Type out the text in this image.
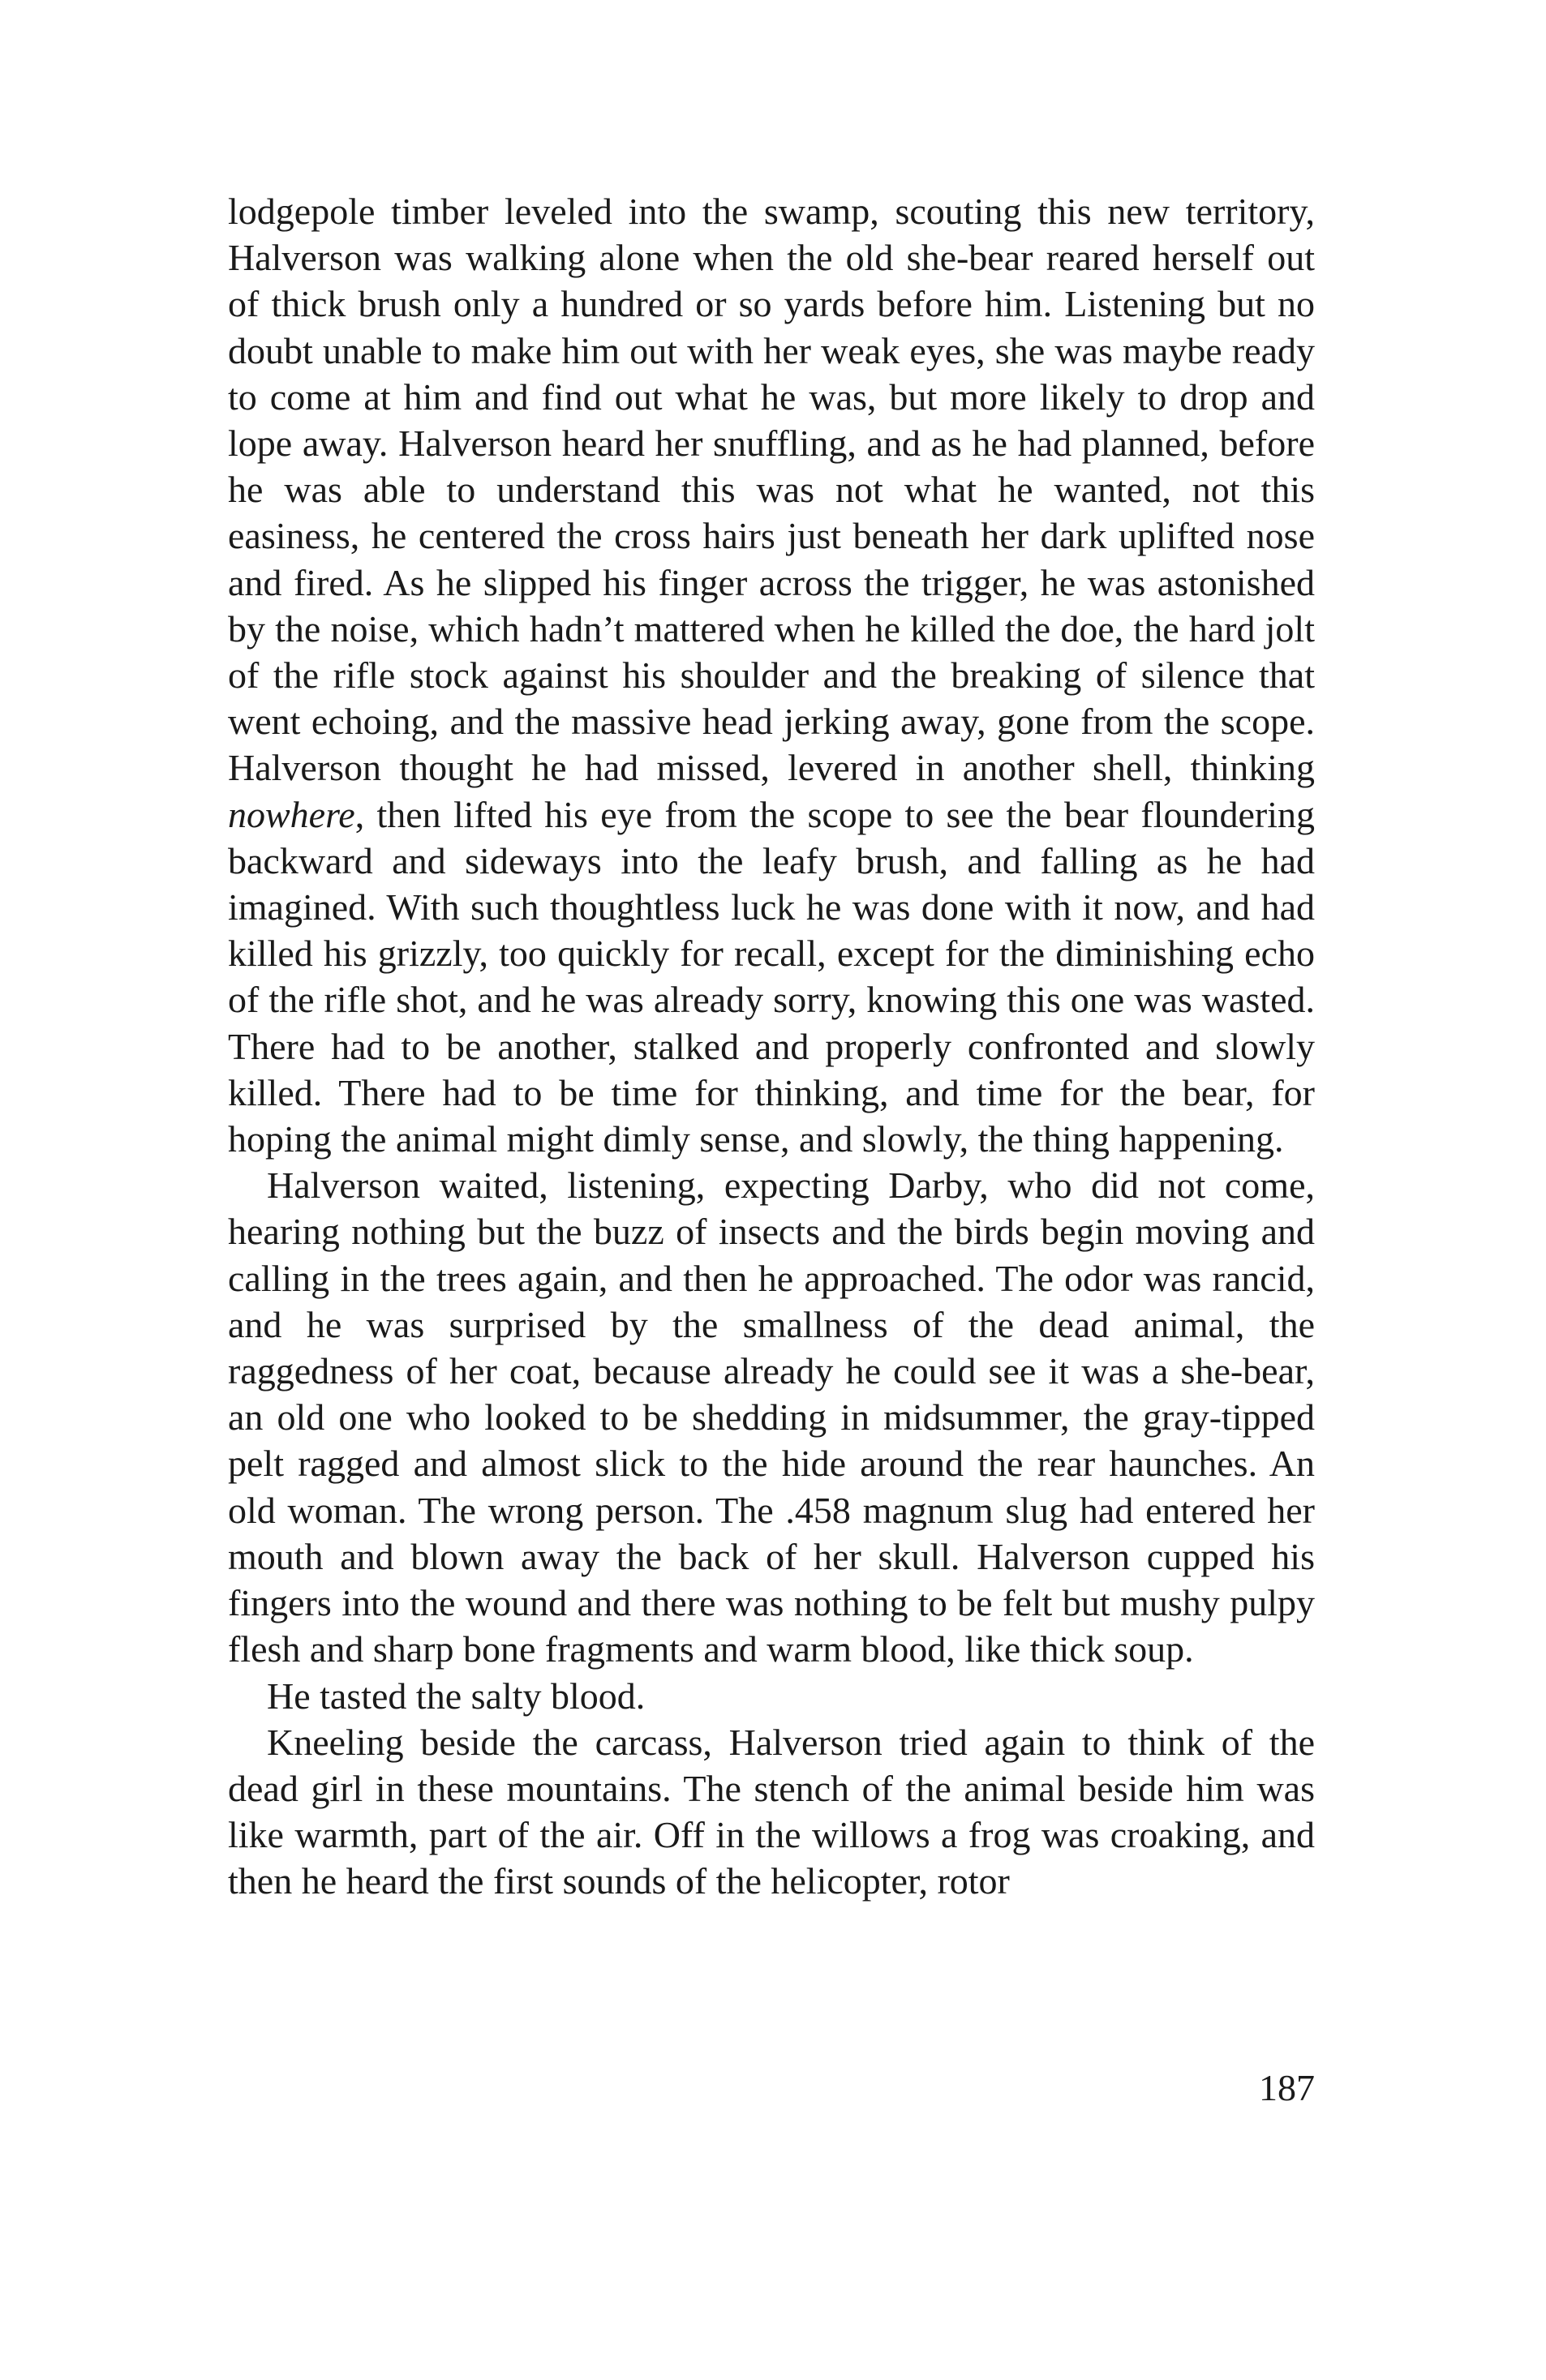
lodgepole timber leveled into the swamp, scouting this new territory, Halverson was walking alone when the old she-bear reared herself out of thick brush only a hundred or so yards before him. Listening but no doubt unable to make him out with her weak eyes, she was maybe ready to come at him and find out what he was, but more likely to drop and lope away. Halverson heard her snuffling, and as he had planned, before he was able to understand this was not what he wanted, not this easiness, he centered the cross hairs just beneath her dark uplifted nose and fired. As he slipped his finger across the trigger, he was astonished by the noise, which hadn’t mattered when he killed the doe, the hard jolt of the rifle stock against his shoulder and the breaking of silence that went echoing, and the massive head jerking away, gone from the scope. Halverson thought he had missed, levered in another shell, thinking nowhere, then lifted his eye from the scope to see the bear floundering backward and sideways into the leafy brush, and falling as he had imagined. With such thoughtless luck he was done with it now, and had killed his grizzly, too quickly for recall, except for the diminishing echo of the rifle shot, and he was already sorry, knowing this one was wasted. There had to be another, stalked and properly confronted and slowly killed. There had to be time for thinking, and time for the bear, for hoping the animal might dimly sense, and slowly, the thing happening.

Halverson waited, listening, expecting Darby, who did not come, hearing nothing but the buzz of insects and the birds begin moving and calling in the trees again, and then he approached. The odor was rancid, and he was surprised by the smallness of the dead animal, the raggedness of her coat, because already he could see it was a she-bear, an old one who looked to be shedding in midsummer, the gray-tipped pelt ragged and almost slick to the hide around the rear haunches. An old woman. The wrong person. The .458 magnum slug had entered her mouth and blown away the back of her skull. Halverson cupped his fingers into the wound and there was nothing to be felt but mushy pulpy flesh and sharp bone fragments and warm blood, like thick soup.

He tasted the salty blood.

Kneeling beside the carcass, Halverson tried again to think of the dead girl in these mountains. The stench of the animal beside him was like warmth, part of the air. Off in the willows a frog was croaking, and then he heard the first sounds of the helicopter, rotor

187
